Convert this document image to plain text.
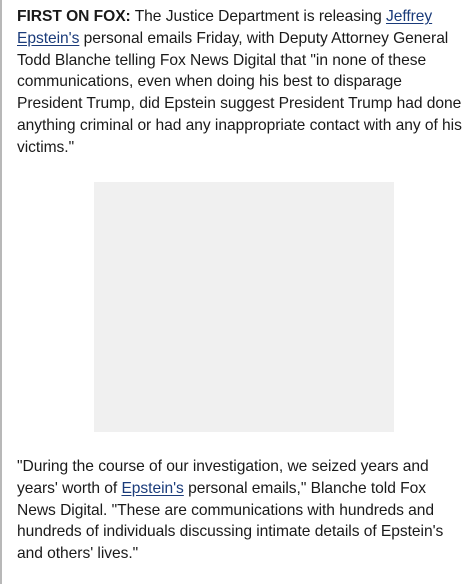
FIRST ON FOX: The Justice Department is releasing Jeffrey Epstein's personal emails Friday, with Deputy Attorney General Todd Blanche telling Fox News Digital that "in none of these communications, even when doing his best to disparage President Trump, did Epstein suggest President Trump had done anything criminal or had any inappropriate contact with any of his victims."

"During the course of our investigation, we seized years and years' worth of Epstein's personal emails," Blanche told Fox News Digital. "These are communications with hundreds and hundreds of individuals discussing intimate details of Epstein's and others' lives."
